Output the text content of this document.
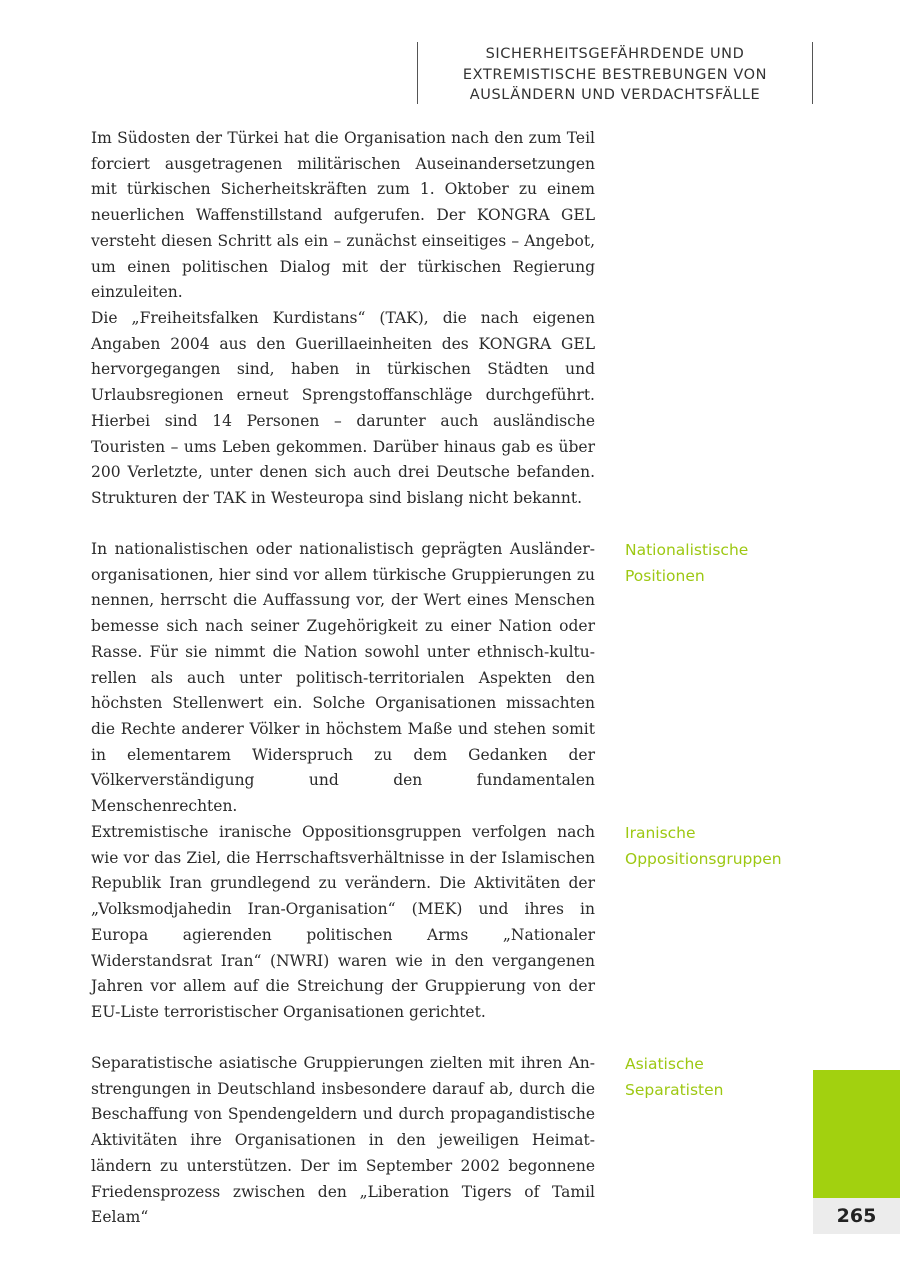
SICHERHEITSGEFÄHRDENDE UND
EXTREMISTISCHE BESTREBUNGEN VON
AUSLÄNDERN UND VERDACHTSFÄLLE

Im Südosten der Türkei hat die Organisation nach den zum Teil forciert ausgetragenen militärischen Auseinandersetzungen mit türkischen Sicherheitskräften zum 1. Oktober zu einem neuerlichen Waffenstillstand aufgerufen. Der KONGRA GEL versteht diesen Schritt als ein – zunächst einseitiges – Angebot, um einen politischen Dialog mit der türkischen Regierung einzuleiten.

Die „Freiheitsfalken Kurdistans“ (TAK), die nach eigenen Angaben 2004 aus den Guerillaeinheiten des KONGRA GEL hervorgegangen sind, haben in türkischen Städten und Urlaubsregionen erneut Sprengstoffanschläge durchgeführt. Hierbei sind 14 Personen – darunter auch ausländische Touristen – ums Leben gekommen. Darüber hinaus gab es über 200 Verletzte, unter denen sich auch drei Deutsche befanden. Strukturen der TAK in Westeuropa sind bislang nicht bekannt.

In nationalistischen oder nationalistisch geprägten Ausländerorganisationen, hier sind vor allem türkische Gruppierungen zu nennen, herrscht die Auffassung vor, der Wert eines Menschen bemesse sich nach seiner Zugehörigkeit zu einer Nation oder Rasse. Für sie nimmt die Nation sowohl unter ethnisch-kulturellen als auch unter politisch-territorialen Aspekten den höchsten Stellenwert ein. Solche Organisationen missachten die Rechte anderer Völker in höchstem Maße und stehen somit in elementarem Widerspruch zu dem Gedanken der Völkerverständigung und den fundamentalen Menschenrechten.

Extremistische iranische Oppositionsgruppen verfolgen nach wie vor das Ziel, die Herrschaftsverhältnisse in der Islamischen Republik Iran grundlegend zu verändern. Die Aktivitäten der „Volksmodjahedin Iran-Organisation“ (MEK) und ihres in Europa agierenden politischen Arms „Nationaler Widerstandsrat Iran“ (NWRI) waren wie in den vergangenen Jahren vor allem auf die Streichung der Gruppierung von der EU-Liste terroristischer Organisationen gerichtet.

Separatistische asiatische Gruppierungen zielten mit ihren Anstrengungen in Deutschland insbesondere darauf ab, durch die Beschaffung von Spendengeldern und durch propagandistische Aktivitäten ihre Organisationen in den jeweiligen Heimatländern zu unterstützen. Der im September 2002 begonnene Friedensprozess zwischen den „Liberation Tigers of Tamil Eelam“

Nationalistische
Positionen
Iranische
Oppositionsgruppen
Asiatische
Separatisten
265
